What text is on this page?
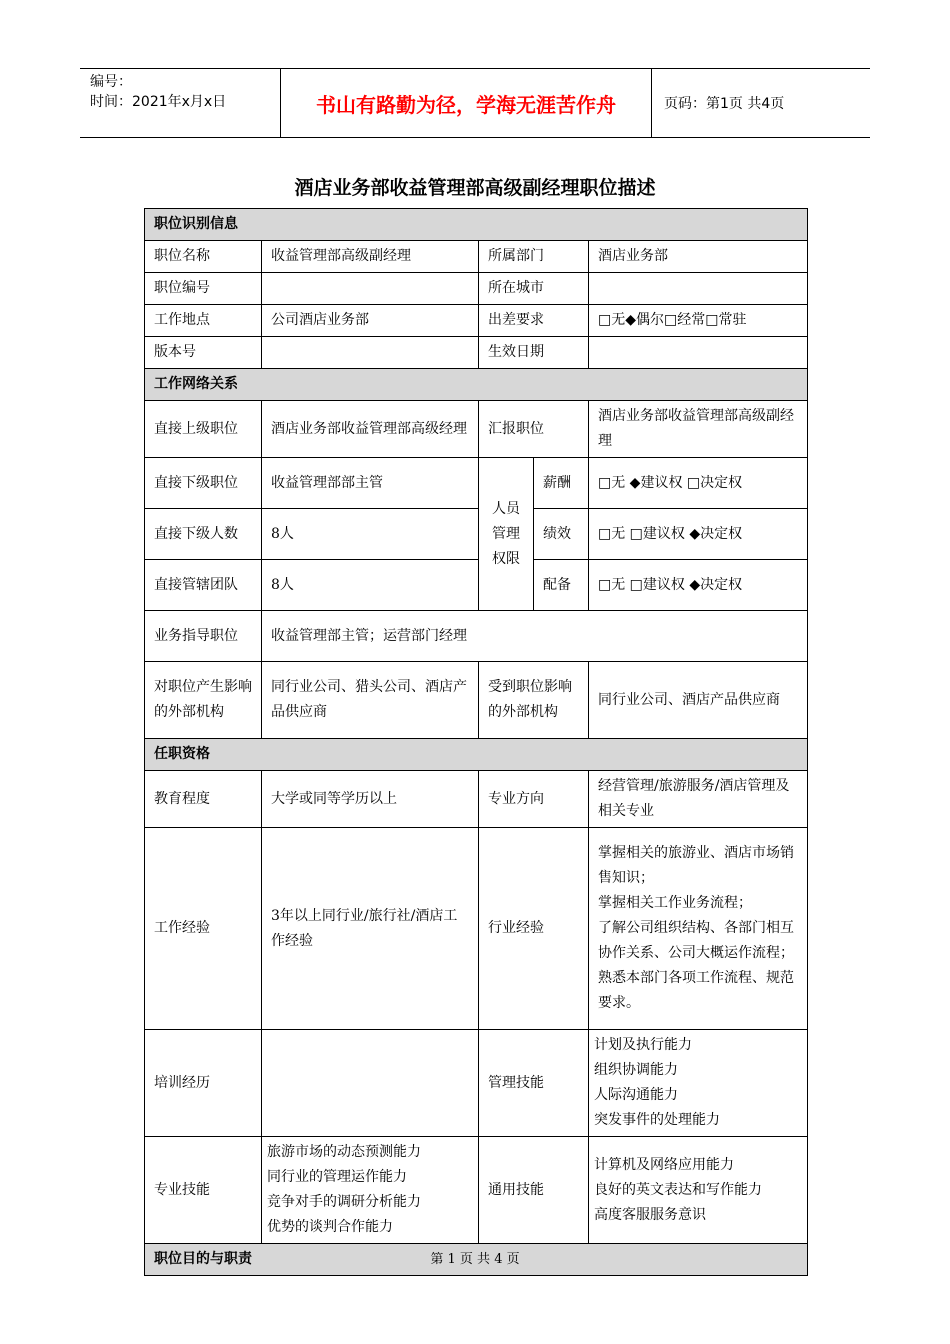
编号：
时间：2021年x月x日	书山有路勤为径，学海无涯苦作舟	页码：第1页 共4页
酒店业务部收益管理部高级副经理职位描述
职位识别信息				
职位名称	收益管理部高级副经理	所属部门		酒店业务部
职位编号		所在城市		
工作地点	公司酒店业务部	出差要求		□无◆偶尔□经常□常驻
版本号		生效日期		
工作网络关系				
直接上级职位	酒店业务部收益管理部高级经理	汇报职位		酒店业务部收益管理部高级副经理
直接下级职位	收益管理部部主管	人员管理权限	薪酬	□无 ◆建议权 □决定权
直接下级人数	8人		绩效	□无 □建议权 ◆决定权
直接管辖团队	8人		配备	□无 □建议权 ◆决定权
业务指导职位	收益管理部主管；运营部门经理			
对职位产生影响的外部机构	同行业公司、猎头公司、酒店产品供应商	受到职位影响的外部机构		同行业公司、酒店产品供应商
任职资格				
教育程度	大学或同等学历以上	专业方向		经营管理/旅游服务/酒店管理及相关专业
工作经验	3年以上同行业/旅行社/酒店工作经验	行业经验		掌握相关的旅游业、酒店市场销售知识；
掌握相关工作业务流程；
了解公司组织结构、各部门相互协作关系、公司大概运作流程；
熟悉本部门各项工作流程、规范要求。

培训经历		管理技能		计划及执行能力
组织协调能力
人际沟通能力
突发事件的处理能力

专业技能	旅游市场的动态预测能力
同行业的管理运作能力
竞争对手的调研分析能力
优势的谈判合作能力	通用技能		计算机及网络应用能力
良好的英文表达和写作能力
高度客服服务意识

职位目的与职责					第 1 页 共 4 页
